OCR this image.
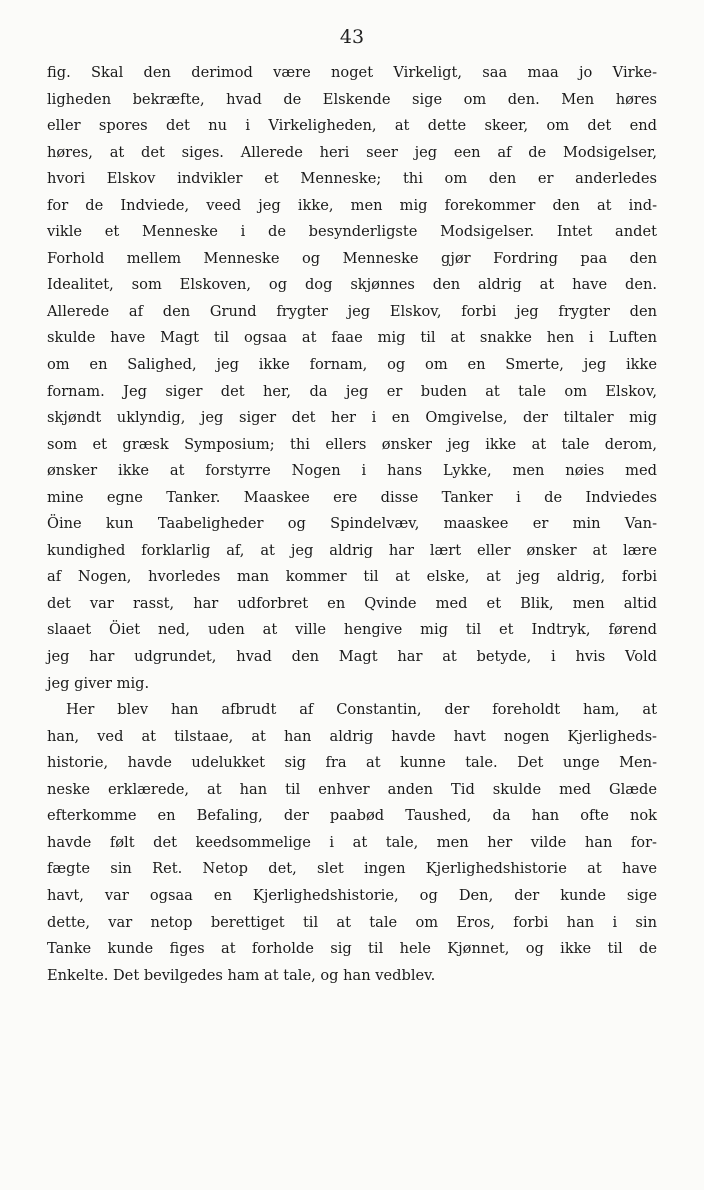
43
fig. Skal den derimod være noget Virkeligt, saa maa jo Virke-
ligheden bekræfte, hvad de Elskende sige om den. Men høres
eller spores det nu i Virkeligheden, at dette skeer, om det end
høres, at det siges. Allerede heri seer jeg een af de Modsigelser,
hvori Elskov indvikler et Menneske; thi om den er anderledes
for de Indviede, veed jeg ikke, men mig forekommer den at ind-
vikle et Menneske i de besynderligste Modsigelser. Intet andet
Forhold mellem Menneske og Menneske gjør Fordring paa den
Idealitet, som Elskoven, og dog skjønnes den aldrig at have den.
Allerede af den Grund frygter jeg Elskov, forbi jeg frygter den
skulde have Magt til ogsaa at faae mig til at snakke hen i Luften
om en Salighed, jeg ikke fornam, og om en Smerte, jeg ikke
fornam. Jeg siger det her, da jeg er buden at tale om Elskov,
skjøndt uklyndig, jeg siger det her i en Omgivelse, der tiltaler mig
som et græsk Symposium; thi ellers ønsker jeg ikke at tale derom,
ønsker ikke at forstyrre Nogen i hans Lykke, men nøies med
mine egne Tanker. Maaskee ere disse Tanker i de Indviedes
Öine kun Taabeligheder og Spindelvæv, maaskee er min Van-
kundighed forklarlig af, at jeg aldrig har lært eller ønsker at lære
af Nogen, hvorledes man kommer til at elske, at jeg aldrig, forbi
det var rasst, har udforbret en Qvinde med et Blik, men altid
slaaet Öiet ned, uden at ville hengive mig til et Indtryk, førend
jeg har udgrundet, hvad den Magt har at betyde, i hvis Vold
jeg giver mig.
Her blev han afbrudt af Constantin, der foreholdt ham, at
han, ved at tilstaae, at han aldrig havde havt nogen Kjerligheds-
historie, havde udelukket sig fra at kunne tale. Det unge Men-
neske erklærede, at han til enhver anden Tid skulde med Glæde
efterkomme en Befaling, der paabød Taushed, da han ofte nok
havde følt det keedsommelige i at tale, men her vilde han for-
fægte sin Ret. Netop det, slet ingen Kjerlighedshistorie at have
havt, var ogsaa en Kjerlighedshistorie, og Den, der kunde sige
dette, var netop berettiget til at tale om Eros, forbi han i sin
Tanke kunde figes at forholde sig til hele Kjønnet, og ikke til de
Enkelte. Det bevilgedes ham at tale, og han vedblev.
